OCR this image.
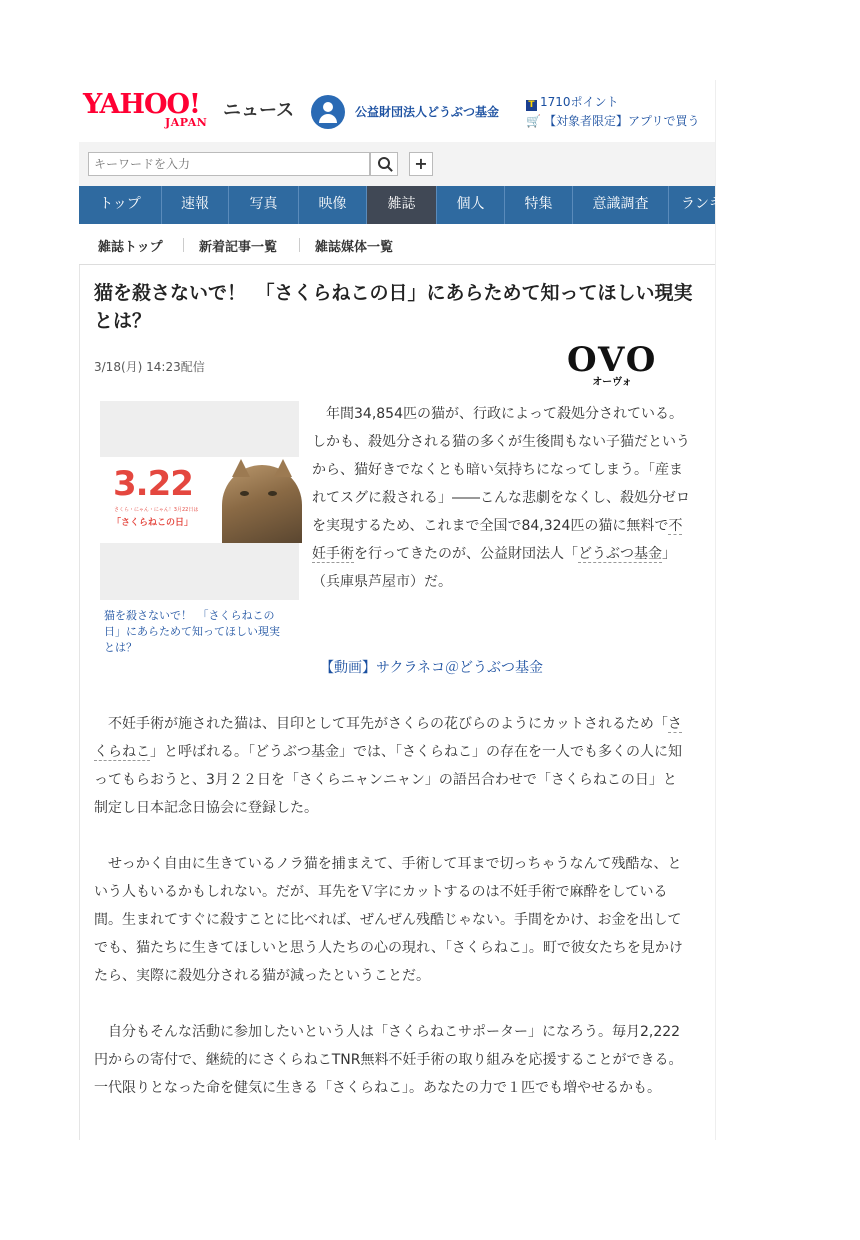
YAHOO!
JAPAN
ニュース	公益財団法人どうぶつ基金	T 1710ポイント
🛒 【対象者限定】アプリで買う
キーワードを入力
+
トップ	速報	写真	映像	雑誌	個人	特集	意識調査	ランキング
雑誌トップ	新着記事一覧	雑誌媒体一覧
猫を殺さないで！　「さくらねこの日」にあらためて知ってほしい現実とは？
3/18(月) 14:23配信	OVO
オーヴォ
3.22
さくら・にゃん・にゃん！3月22日は
「さくらねこの日」
猫を殺さないで！　「さくらねこの日」にあらためて知ってほしい現実とは？

年間34,854匹の猫が、行政によって殺処分されている。しかも、殺処分される猫の多くが生後間もない子猫だというから、猫好きでなくとも暗い気持ちになってしまう。「産まれてスグに殺される」――こんな悲劇をなくし、殺処分ゼロを実現するため、これまで全国で84,324匹の猫に無料で不妊手術を行ってきたのが、公益財団法人「どうぶつ基金」（兵庫県芦屋市）だ。

【動画】サクラネコ＠どうぶつ基金

不妊手術が施された猫は、目印として耳先がさくらの花びらのようにカットされるため「さくらねこ」と呼ばれる。「どうぶつ基金」では、「さくらねこ」の存在を一人でも多くの人に知ってもらおうと、3月２２日を「さくらニャンニャン」の語呂合わせで「さくらねこの日」と制定し日本記念日協会に登録した。

せっかく自由に生きているノラ猫を捕まえて、手術して耳まで切っちゃうなんて残酷な、という人もいるかもしれない。だが、耳先をＶ字にカットするのは不妊手術で麻酔をしている間。生まれてすぐに殺すことに比べれば、ぜんぜん残酷じゃない。手間をかけ、お金を出してでも、猫たちに生きてほしいと思う人たちの心の現れ、「さくらねこ」。町で彼女たちを見かけたら、実際に殺処分される猫が減ったということだ。

自分もそんな活動に参加したいという人は「さくらねこサポーター」になろう。毎月2,222円からの寄付で、継続的にさくらねこTNR無料不妊手術の取り組みを応援することができる。一代限りとなった命を健気に生きる「さくらねこ」。あなたの力で１匹でも増やせるかも。
